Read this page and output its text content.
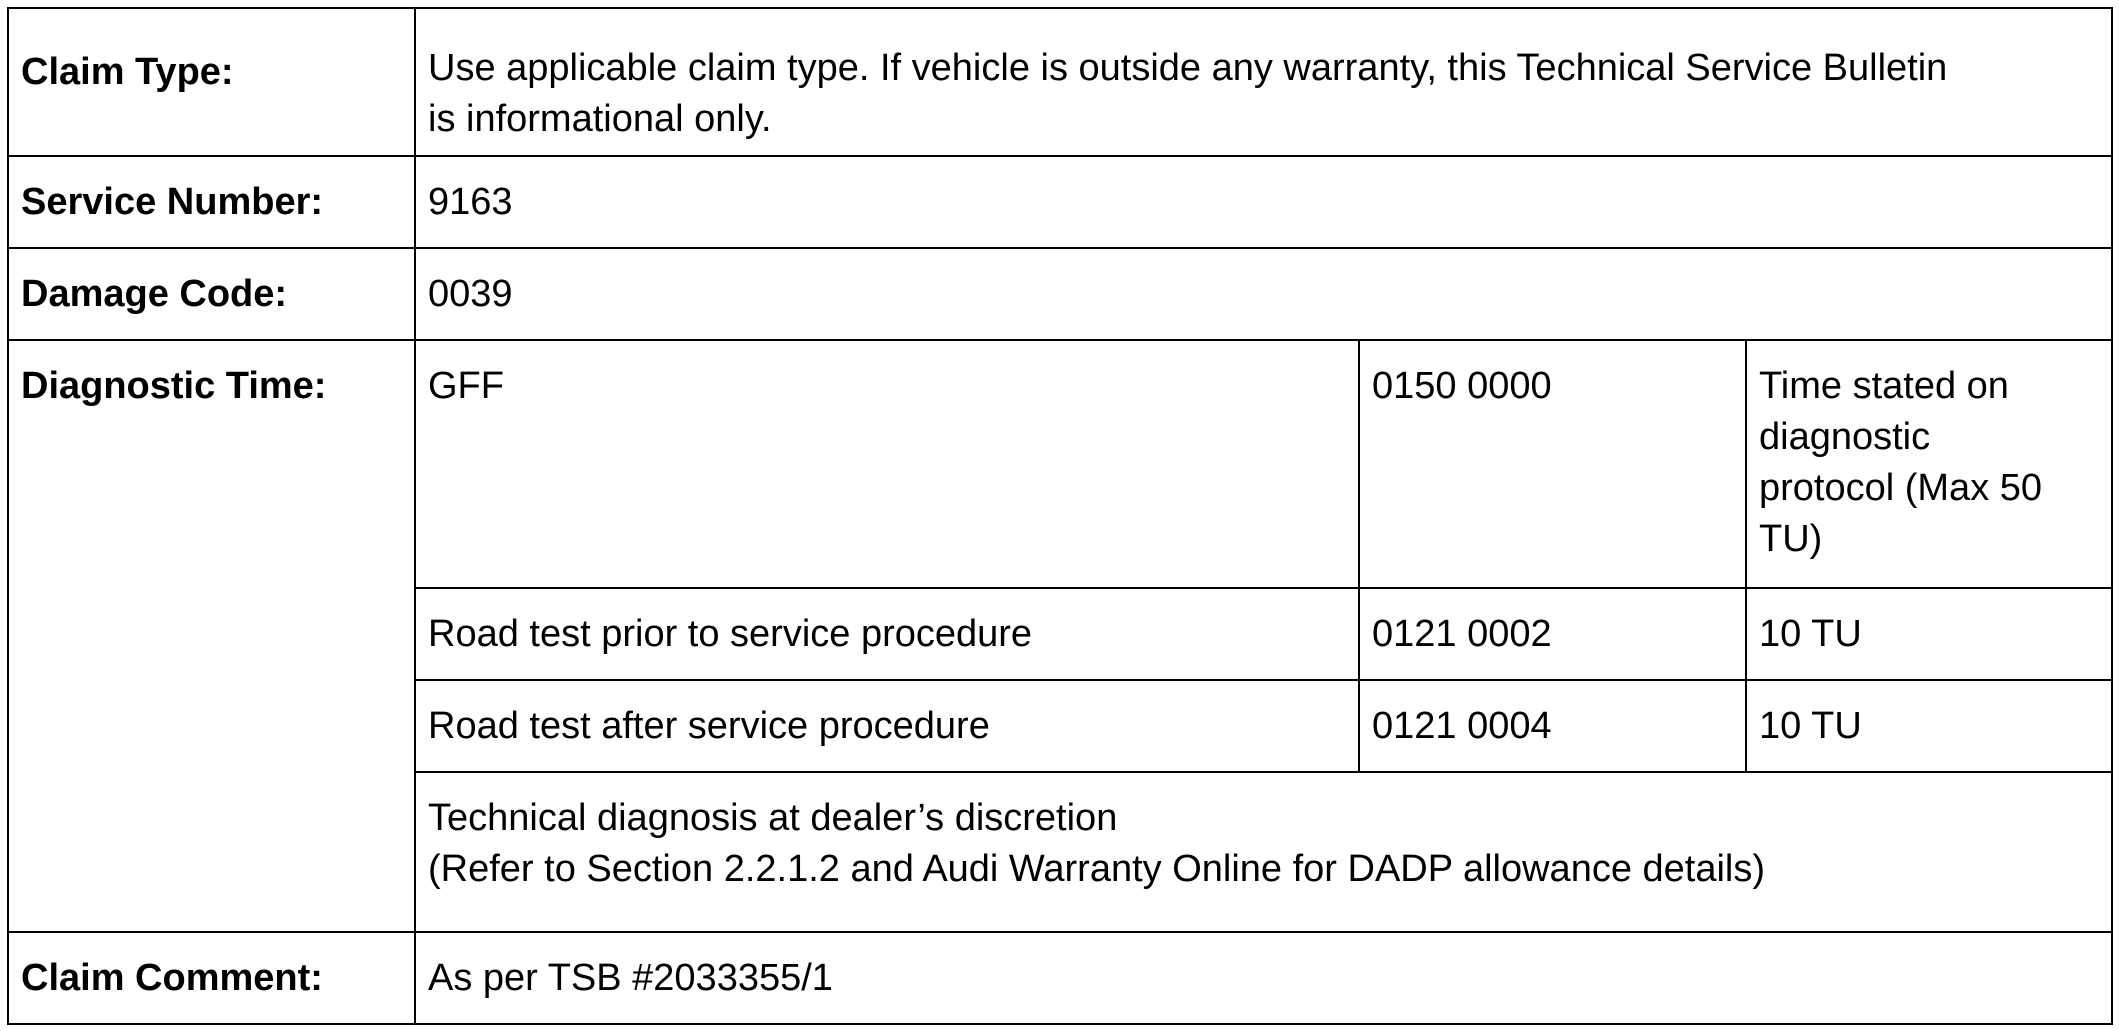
Claim Type:	Use applicable claim type. If vehicle is outside any warranty, this Technical Service Bulletin
is informational only.		

Service Number:	9163		
Damage Code:	0039		
Diagnostic Time:	GFF	0150 0000	Time stated on
diagnostic
protocol (Max 50
TU)

	Road test prior to service procedure	0121 0002	10 TU
	Road test after service procedure	0121 0004	10 TU

	Technical diagnosis at dealer’s discretion
(Refer to Section 2.2.1.2 and Audi Warranty Online for DADP allowance details)		

Claim Comment:	As per TSB #2033355/1		
